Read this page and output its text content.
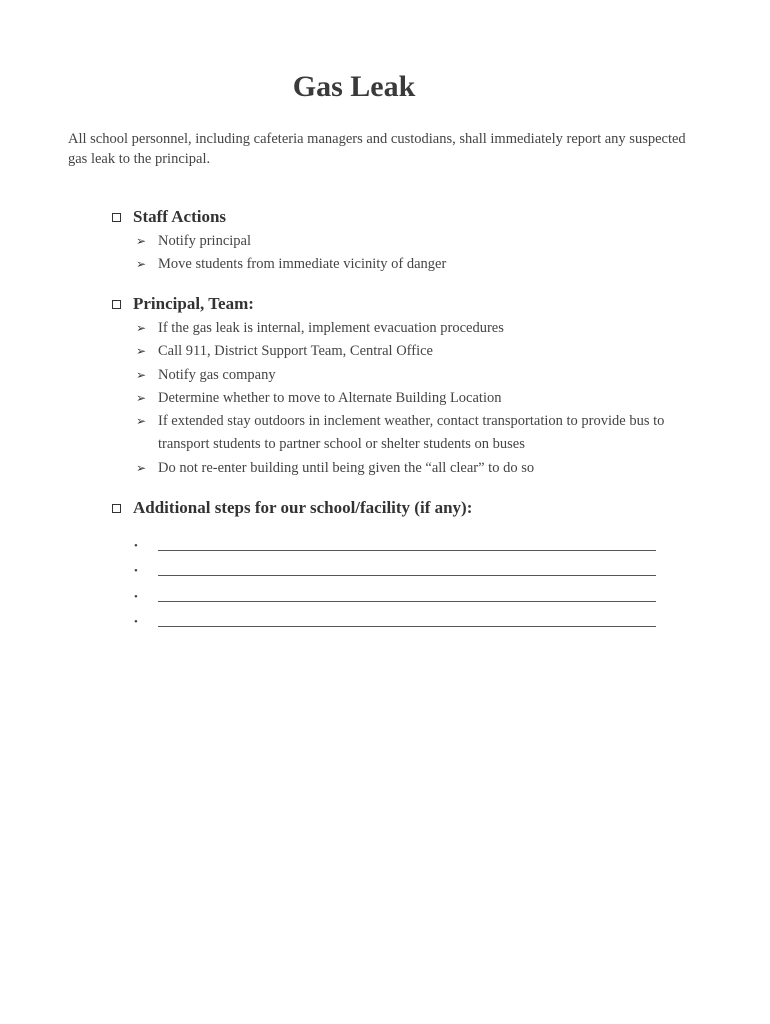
Gas Leak

All school personnel, including cafeteria managers and custodians, shall immediately report any suspected gas leak to the principal.

Staff Actions
➢ Notify principal
➢ Move students from immediate vicinity of danger
Principal, Team:
➢ If the gas leak is internal, implement evacuation procedures
➢ Call 911, District Support Team, Central Office
➢ Notify gas company
➢ Determine whether to move to Alternate Building Location
➢ If extended stay outdoors in inclement weather, contact transportation to provide bus to transport students to partner school or shelter students on buses
➢ Do not re-enter building until being given the “all clear” to do so
Additional steps for our school/facility (if any):
•
•
•
•
